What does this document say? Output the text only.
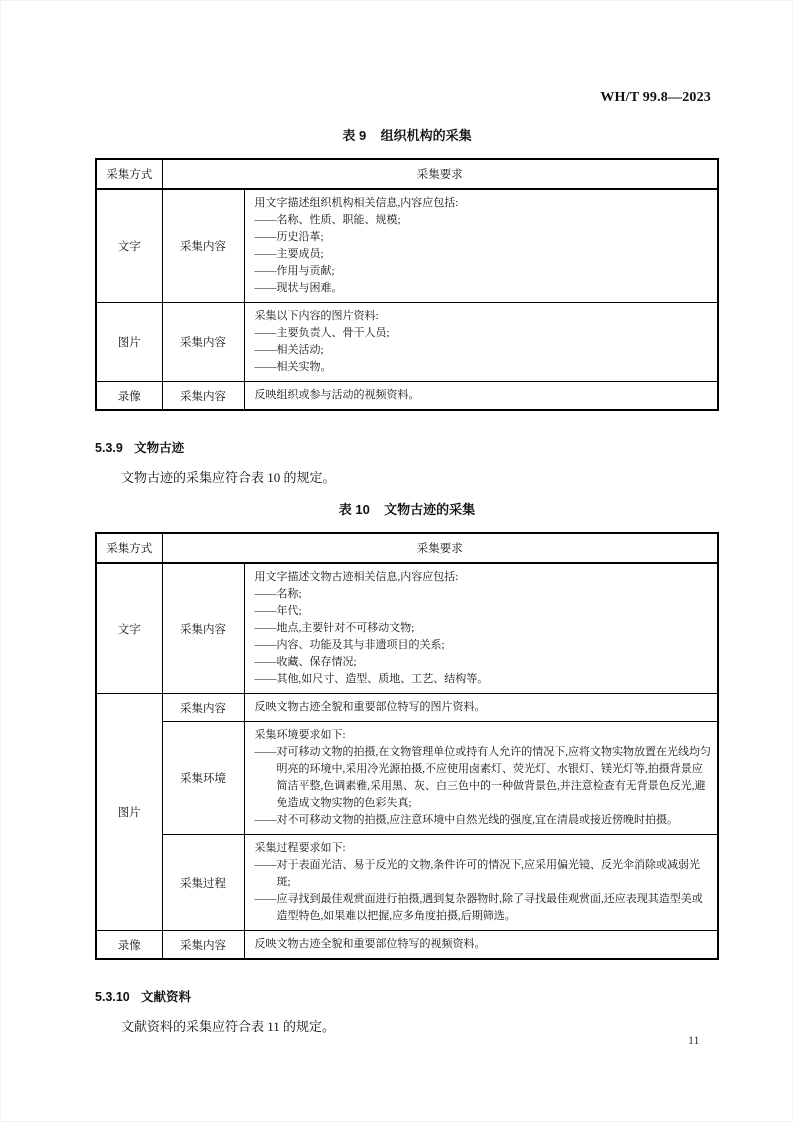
WH/T 99.8—2023
表 9 组织机构的采集
采集方式	采集要求	
文字	采集内容	
用文字描述组织机构相关信息,内容应包括:
——名称、性质、职能、规模;
——历史沿革;
——主要成员;
——作用与贡献;
——现状与困难。

图片	采集内容	采集以下内容的图片资料:
——主要负责人、骨干人员;
——相关活动;
——相关实物。

录像	采集内容	反映组织或参与活动的视频资料。
5.3.9 文物古迹

文物古迹的采集应符合表 10 的规定。

表 10 文物古迹的采集
采集方式	采集要求	
文字	采集内容	
用文字描述文物古迹相关信息,内容应包括:
——名称;
——年代;
——地点,主要针对不可移动文物;
——内容、功能及其与非遗项目的关系;
——收藏、保存情况;
——其他,如尺寸、造型、质地、工艺、结构等。

图片	采集内容	反映文物古迹全貌和重要部位特写的图片资料。

	采集环境	采集环境要求如下:
——对可移动文物的拍摄,在文物管理单位或持有人允许的情况下,应将文物实物放置在光线均匀明亮的环境中,采用冷光源拍摄,不应使用卤素灯、荧光灯、水银灯、镁光灯等,拍摄背景应简洁平整,色调素雅,采用黑、灰、白三色中的一种做背景色,并注意检查有无背景色反光,避免造成文物实物的色彩失真;
——对不可移动文物的拍摄,应注意环境中自然光线的强度,宜在清晨或接近傍晚时拍摄。

	采集过程	采集过程要求如下:
——对于表面光洁、易于反光的文物,条件许可的情况下,应采用偏光镜、反光伞消除或减弱光斑;
——应寻找到最佳观赏面进行拍摄,遇到复杂器物时,除了寻找最佳观赏面,还应表现其造型美或造型特色,如果难以把握,应多角度拍摄,后期筛选。

录像	采集内容	反映文物古迹全貌和重要部位特写的视频资料。
5.3.10 文献资料

文献资料的采集应符合表 11 的规定。

11
